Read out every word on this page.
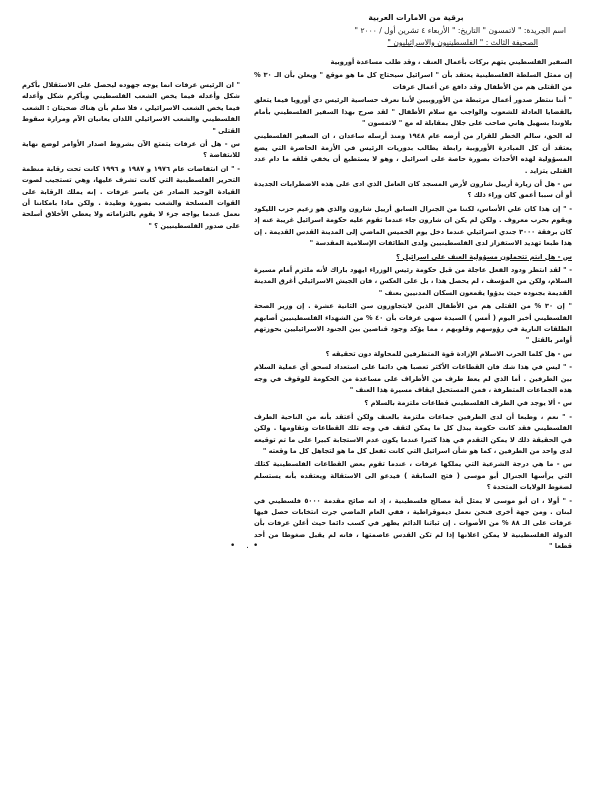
برقية من الامارات العربية
اسم الجريدة: " لاتمسون " التاريخ: " الأربعاء ٤ تشرين أول / ٢٠٠٠ "
الصحيفة الثالث : " الفلسطينيون والاسرائيليون "

السفير الفلسطيني يتهم بركات بأعمال العنف ، وقد طلب مساعدة أوروبية

إن ممثل السلطة الفلسطينية يعتقد بأن " اسرائيل سيحتاج كل ما هو موقع " ويعلن بأن الـ ٣٠ % من القتلى هم من الأطفال وقد دافع عن أعمال عرفات

" أننا ننتظر صدور أعمال مرتبطة من الأوروبيين لأننا نعرف حساسية الرئيس دي أورويا فيما يتعلق بالقضايا العادلة للشعوب والواجب مع سلام الأطفال " لقد صرح بهذا السفير الفلسطيني بأمام بلاوندا بسهيل هاني صاحب على جلال بمقابلة له مع " لاتمسون "

له الحق، سالم الخطر للقرار من أرضه عام ١٩٤٨ ومنذ أرسله ساعدان ، ان السفير الفلسطيني يعتقد أن كل المبادرة الأوروبية رابطة يطالب بدوريات الرئيس في الأزمة الحاضرة التي يضع المسؤولية لهذه الأحداث بصورة حاصة على اسرائيل ، وهو لا يستطيع أن يخفي قلقه ما دام عدد القتلى يتزايد .

س - هل أن زيارة أرييل شارون لأرض المسجد كان العامل الذي ادى على هذه الاضطرابات الجديدة أو أن سببا أعمق كان وراء ذلك ؟

- " إن هذا كان علي الأساس، لكننا من الجنرال السابق أرييل شارون والذي هو زعيم حزب الليكود ويقوم بحرب معروف . ولكن لم يكن ان شارون جاء عندما تقوم عليه حكومة اسرائيل غريبة عنه إذ كان برفقة ٣٠٠٠ جندي اسرائيلي عندما دخل يوم الخميس الماضي إلى المدينة القدس القديمة . إن هذا طبعا تهديد الاستفزاز لدى الفلسطينيين ولدى الطائفات الإسلامية المقدسة "

س - هل انتم تتحملون مسؤولية العنف على اسرائيل ؟

- " لقد انتظر ودود الفعل عاجلة من قبل حكومة رئيس الوزراء ايهود باراك لأنه ملتزم أمام مسيرة السلام، ولكن من المؤسف ، لم يحصل هذا ، بل على العكس ، فان الجيش الاسرائيلي أغرق المدينة القديمة بجنوده حيث بدؤوا يقمعون السكان المدنيين بعنف "

" إن ٣٠ % من القتلى هم من الأطفال الذين لايتجاوزون سن الثانية عشرة . إن وزير الصحة الفلسطيني أخبر اليوم ( أمس ) السيدة سهى عرفات بأن ٤٠ % من الشهداء الفلسطينيين أصابهم الطلقات النارية في رؤوسهم وقلوبهم ، مما يؤكد وجود قناصين بين الجنود الاسرائيليين بحوزتهم أوامر بالقتل "

س - هل كلما الحرب الاسلام الإزادة قوة المتطرفين للمحاولة دون تحقيقه ؟

- " ليس في هذا شك فان القطاعات الأكثر تعصبا هي دائما على استعداد لسحق أي عملية السلام بين الطرفين . أما الذي لم يعط طرف من الأطراف على مساعدة من الحكومة للوقوف في وجه هذه الجماعات المتطرفة ، فمن المستحيل ايقاف مسيرة هذا العنف "

س - ألا يوجد في الطرف الفلسطيني قطاعات ملتزمة بالسلام ؟

- " نعم ، وطبعا أن لدى الطرفين جماعات ملتزمة بالعنف ولكن أعتقد بأنه من الناحية الطرف الفلسطيني فقد كانت حكومة يبذل كل ما يمكن لتقف في وجه تلك القطاعات وتقاومها . ولكن في الحقيقة ذلك لا يمكن التقدم في هذا كثيرا عندما يكون عدم الاستجابة كبيرا على ما تم توقيعه لدى واحد من الطرفين ، كما هو شأن اسرائيل التي كانت تفعل كل ما هو لتجاهل كل ما وقعته "

س - ما هي درجة الشرعية التي يملكها عرفات ، عندما تقوم بعض القطاعات الفلسطينية كتلك التي يرأسها الجنرال أبو موسى ( فتح السابقة ) فيدعو الى الاستقالة ويعتقده بأنه يستسلم لضغوط الولايات المتحدة ؟

- " أولا ، ان أبو موسى لا يمثل أية مصالح فلسطينية ، إذ انه صائح مقدمة ٥٠٠٠ فلسطيني في لبنان . ومن جهة أخرى فنحن نعمل ديموقراطية ، ففي العام الماضي جرت انتخابات حصل فيها عرفات على الـ ٨٨ % من الأصوات . إن ثباتنا الدائم يظهر في كسب دائما حيث أعلن عرفات بأن الدولة الفلسطينية لا يمكن اعلانها إذا لم تكن القدس عاصمتها ، فانه لم يقبل ضغوطا من أحد قطعا "

" ان الرئيس عرفات انما يوجه جهوده ليحصل على الاستقلال بأكرم شكل وأعدله فيما يخص الشعب الفلسطيني وبأكرم شكل وأعدله فيما يخص الشعب الاسرائيلي ، فلا سلم بأن هناك ضحيتان : الشعب الفلسطيني والشعب الاسرائيلي اللذان يعانيان الآم ومرارة سقوط القتلى "

س - هل أن عرفات يتمتع الآن بشروط اصدار الأوامر لوضع نهاية للانتفاضة ؟

- " ان انتفاضات عام ١٩٧٦ و ١٩٨٧ و ١٩٩٦ كانت تحت رقابة منظمة التحرير الفلسطينية التي كانت تشرف عليها، وهي تستجيب لصوت القيادة الوحيد الصادر عن ياسر عرفات . إنه يملك الرقابة على القوات المسلحة والشعب بصورة وطيدة . ولكن ماذا بامكاننا أن نعمل عندما يواجه جزء لا يقوم بالتزاماته ولا يعطي الأخلاق أسلحة على صدور الفلسطينيين ؟ "

•. •
